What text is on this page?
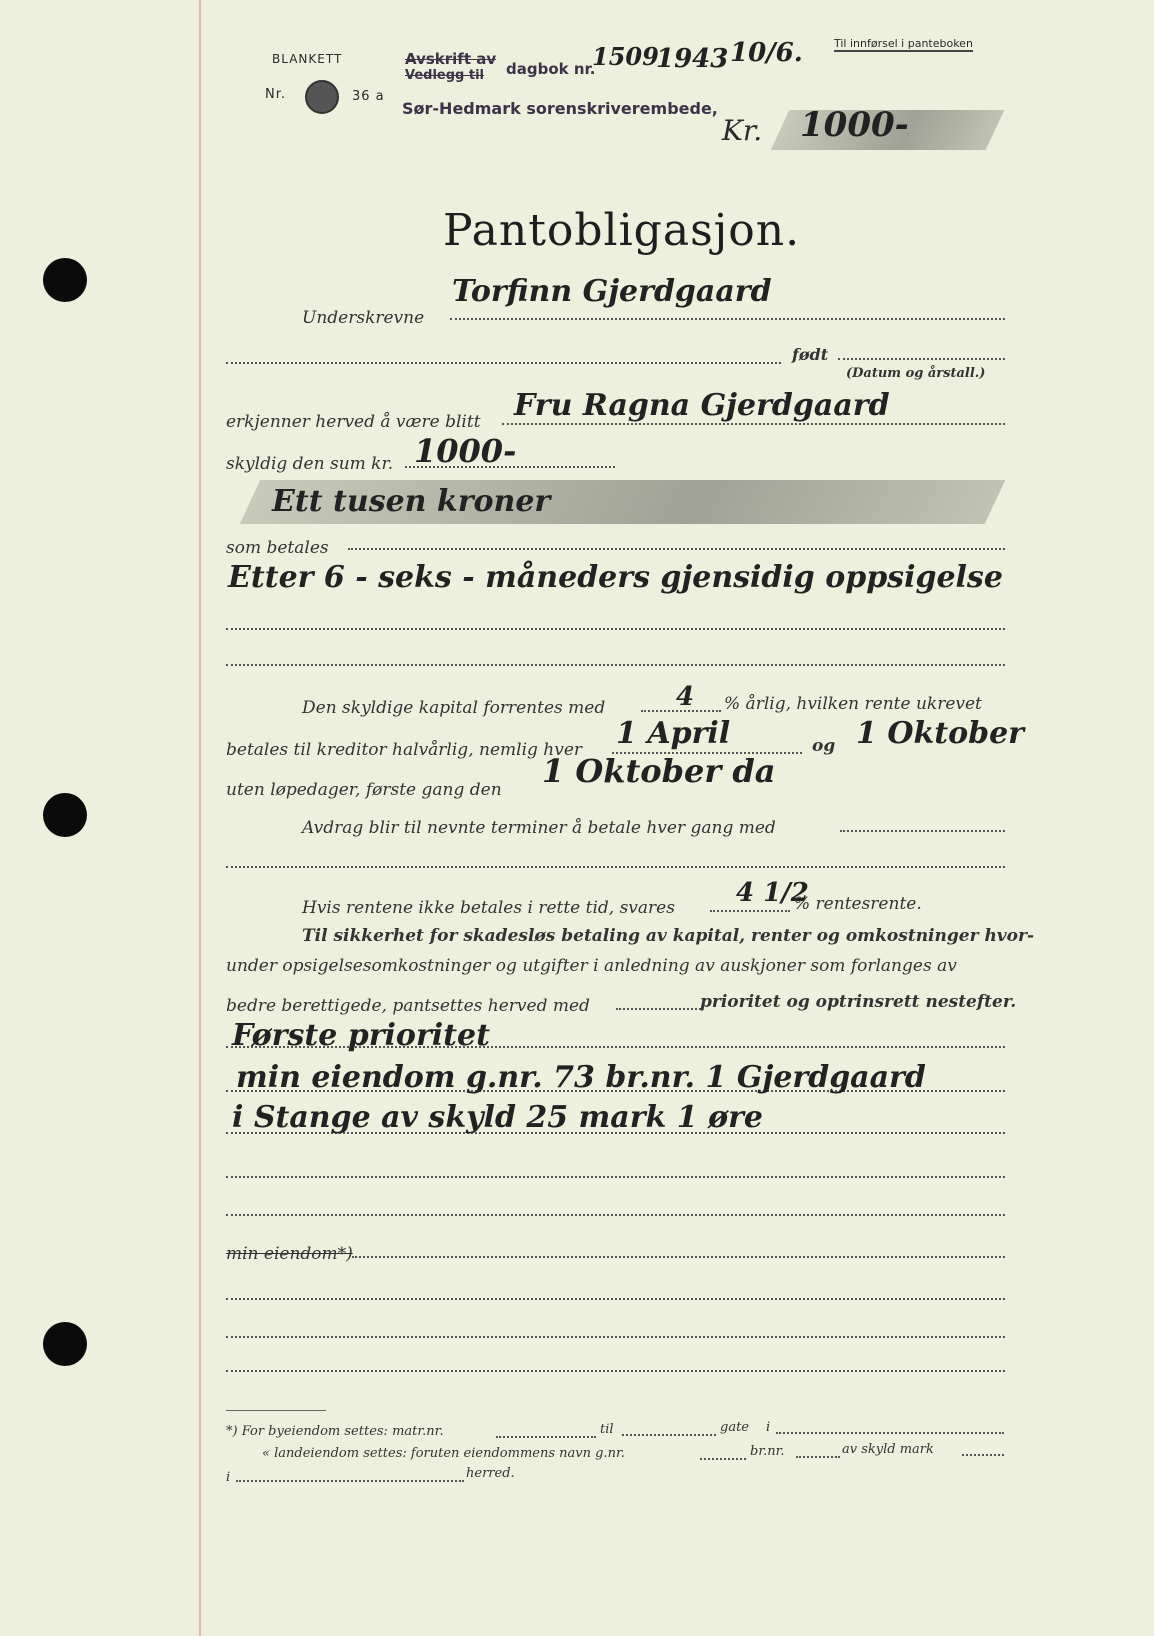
BLANKETT
Nr.	36 a
Avskrift av
Vedlegg til dagbok nr.
1509
1943 10/6.
Sør-Hedmark sorenskriverembede,
Til innførsel i panteboken
Kr. 1000-
Pantobligasjon.
Underskrevne
Torfinn Gjerdgaard
født
(Datum og årstall.)
erkjenner herved å være blitt Fru Ragna Gjerdgaard
skyldig den sum kr. 1000-
Ett tusen kroner
som betales
Etter 6 - seks - måneders gjensidig oppsigelse
Den skyldige kapital forrentes med	4 % årlig, hvilken rente ukrevet
betales til kreditor halvårlig, nemlig hver 1 April	og 1 Oktober
uten løpedager, første gang den 1 Oktober da
Avdrag blir til nevnte terminer å betale hver gang med
Hvis rentene ikke betales i rette tid, svares 4 1/2
% rentesrente.
Til sikkerhet for skadesløs betaling av kapital, renter og omkostninger hvor-
under opsigelsesomkostninger og utgifter i anledning av auskjoner som forlanges av
bedre berettigede, pantsettes herved med	prioritet og optrinsrett nestefter.
Første prioritet
min eiendom g.nr. 73 br.nr. 1 Gjerdgaard
i Stange av skyld 25 mark 1 øre
min eiendom*)
*) For byeiendom settes: matr.nr.	til	gate i
« landeiendom settes: foruten eiendommens navn g.nr.	br.nr.	av skyld mark
i	herred.
